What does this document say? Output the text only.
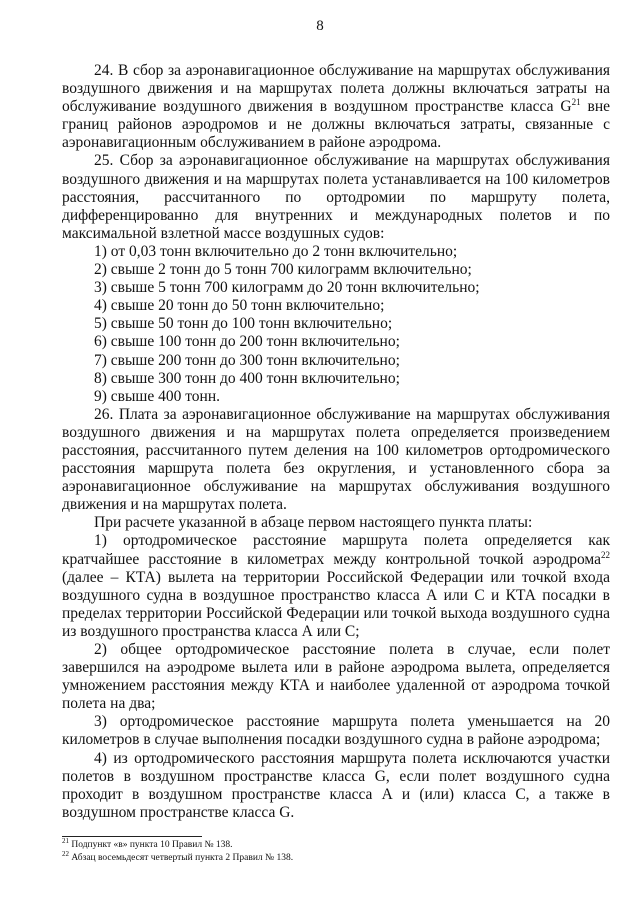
8

24. В сбор за аэронавигационное обслуживание на маршрутах обслуживания воздушного движения и на маршрутах полета должны включаться затраты на обслуживание воздушного движения в воздушном пространстве класса $G^{21}$ вне границ районов аэродромов и не должны включаться затраты, связанные с аэронавигационным обслуживанием в районе аэродрома.

25. Сбор за аэронавигационное обслуживание на маршрутах обслуживания воздушного движения и на маршрутах полета устанавливается на 100 километров расстояния, рассчитанного по ортодромии по маршруту полета, дифференцированно для внутренних и международных полетов и по максимальной взлетной массе воздушных судов:

1) от 0,03 тонн включительно до 2 тонн включительно;

2) свыше 2 тонн до 5 тонн 700 килограмм включительно;

3) свыше 5 тонн 700 килограмм до 20 тонн включительно;

4) свыше 20 тонн до 50 тонн включительно;

5) свыше 50 тонн до 100 тонн включительно;

6) свыше 100 тонн до 200 тонн включительно;

7) свыше 200 тонн до 300 тонн включительно;

8) свыше 300 тонн до 400 тонн включительно;

9) свыше 400 тонн.

26. Плата за аэронавигационное обслуживание на маршрутах обслуживания воздушного движения и на маршрутах полета определяется произведением расстояния, рассчитанного путем деления на 100 километров ортодромического расстояния маршрута полета без округления, и установленного сбора за аэронавигационное обслуживание на маршрутах обслуживания воздушного движения и на маршрутах полета.

При расчете указанной в абзаце первом настоящего пункта платы:

1) ортодромическое расстояние маршрута полета определяется как кратчайшее расстояние в километрах между контрольной точкой аэродрома$^{22}$ (далее – КТА) вылета на территории Российской Федерации или точкой входа воздушного судна в воздушное пространство класса А или С и КТА посадки в пределах территории Российской Федерации или точкой выхода воздушного судна из воздушного пространства класса А или С;

2) общее ортодромическое расстояние полета в случае, если полет завершился на аэродроме вылета или в районе аэродрома вылета, определяется умножением расстояния между КТА и наиболее удаленной от аэродрома точкой полета на два;

3) ортодромическое расстояние маршрута полета уменьшается на 20 километров в случае выполнения посадки воздушного судна в районе аэродрома;

4) из ортодромического расстояния маршрута полета исключаются участки полетов в воздушном пространстве класса G, если полет воздушного судна проходит в воздушном пространстве класса А и (или) класса С, а также в воздушном пространстве класса G.

$^{21}$ Подпункт «в» пункта 10 Правил № 138.
$^{22}$ Абзац восемьдесят четвертый пункта 2 Правил № 138.
